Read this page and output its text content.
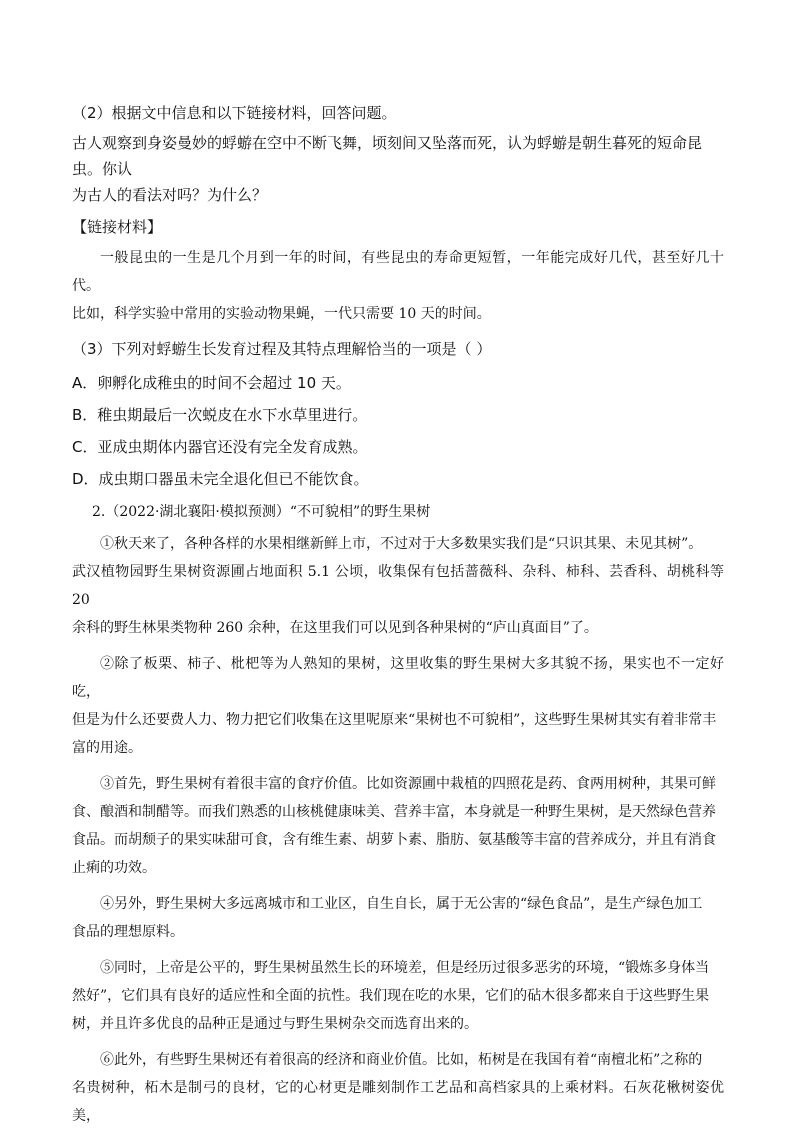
（2）根据文中信息和以下链接材料，回答问题。

古人观察到身姿曼妙的蜉蝣在空中不断飞舞，顷刻间又坠落而死，认为蜉蝣是朝生暮死的短命昆虫。你认

为古人的看法对吗？为什么？

【链接材料】

一般昆虫的一生是几个月到一年的时间，有些昆虫的寿命更短暂，一年能完成好几代，甚至好几十代。

比如，科学实验中常用的实验动物果蝇，一代只需要 10 天的时间。

（3）下列对蜉蝣生长发育过程及其特点理解恰当的一项是（ ）

A．卵孵化成稚虫的时间不会超过 10 天。

B．稚虫期最后一次蜕皮在水下水草里进行。

C．亚成虫期体内器官还没有完全发育成熟。

D．成虫期口器虽未完全退化但已不能饮食。

2.（2022·湖北襄阳·模拟预测）“不可貌相”的野生果树

①秋天来了，各种各样的水果相继新鲜上市，不过对于大多数果实我们是“只识其果、未见其树”。

武汉植物园野生果树资源圃占地面积 5.1 公顷，收集保有包括蔷薇科、杂科、柿科、芸香科、胡桃科等 20

余科的野生林果类物种 260 余种，在这里我们可以见到各种果树的“庐山真面目”了。

②除了板栗、柿子、枇杷等为人熟知的果树，这里收集的野生果树大多其貌不扬，果实也不一定好吃，

但是为什么还要费人力、物力把它们收集在这里呢原来“果树也不可貌相”，这些野生果树其实有着非常丰

富的用途。

③首先，野生果树有着很丰富的食疗价值。比如资源圃中栽植的四照花是药、食两用树种，其果可鲜

食、酿酒和制醋等。而我们熟悉的山核桃健康味美、营养丰富，本身就是一种野生果树，是天然绿色营养

食品。而胡颓子的果实味甜可食，含有维生素、胡萝卜素、脂肪、氨基酸等丰富的营养成分，并且有消食

止痢的功效。

④另外，野生果树大多远离城市和工业区，自生自长，属于无公害的“绿色食品”，是生产绿色加工

食品的理想原料。

⑤同时，上帝是公平的，野生果树虽然生长的环境差，但是经历过很多恶劣的环境，“锻炼多身体当

然好”，它们具有良好的适应性和全面的抗性。我们现在吃的水果，它们的砧木很多都来自于这些野生果

树，并且许多优良的品种正是通过与野生果树杂交而选育出来的。

⑥此外，有些野生果树还有着很高的经济和商业价值。比如，柘树是在我国有着“南檀北柘”之称的

名贵树种，柘木是制弓的良材，它的心材更是雕刻制作工艺品和高档家具的上乘材料。石灰花楸树姿优美，
